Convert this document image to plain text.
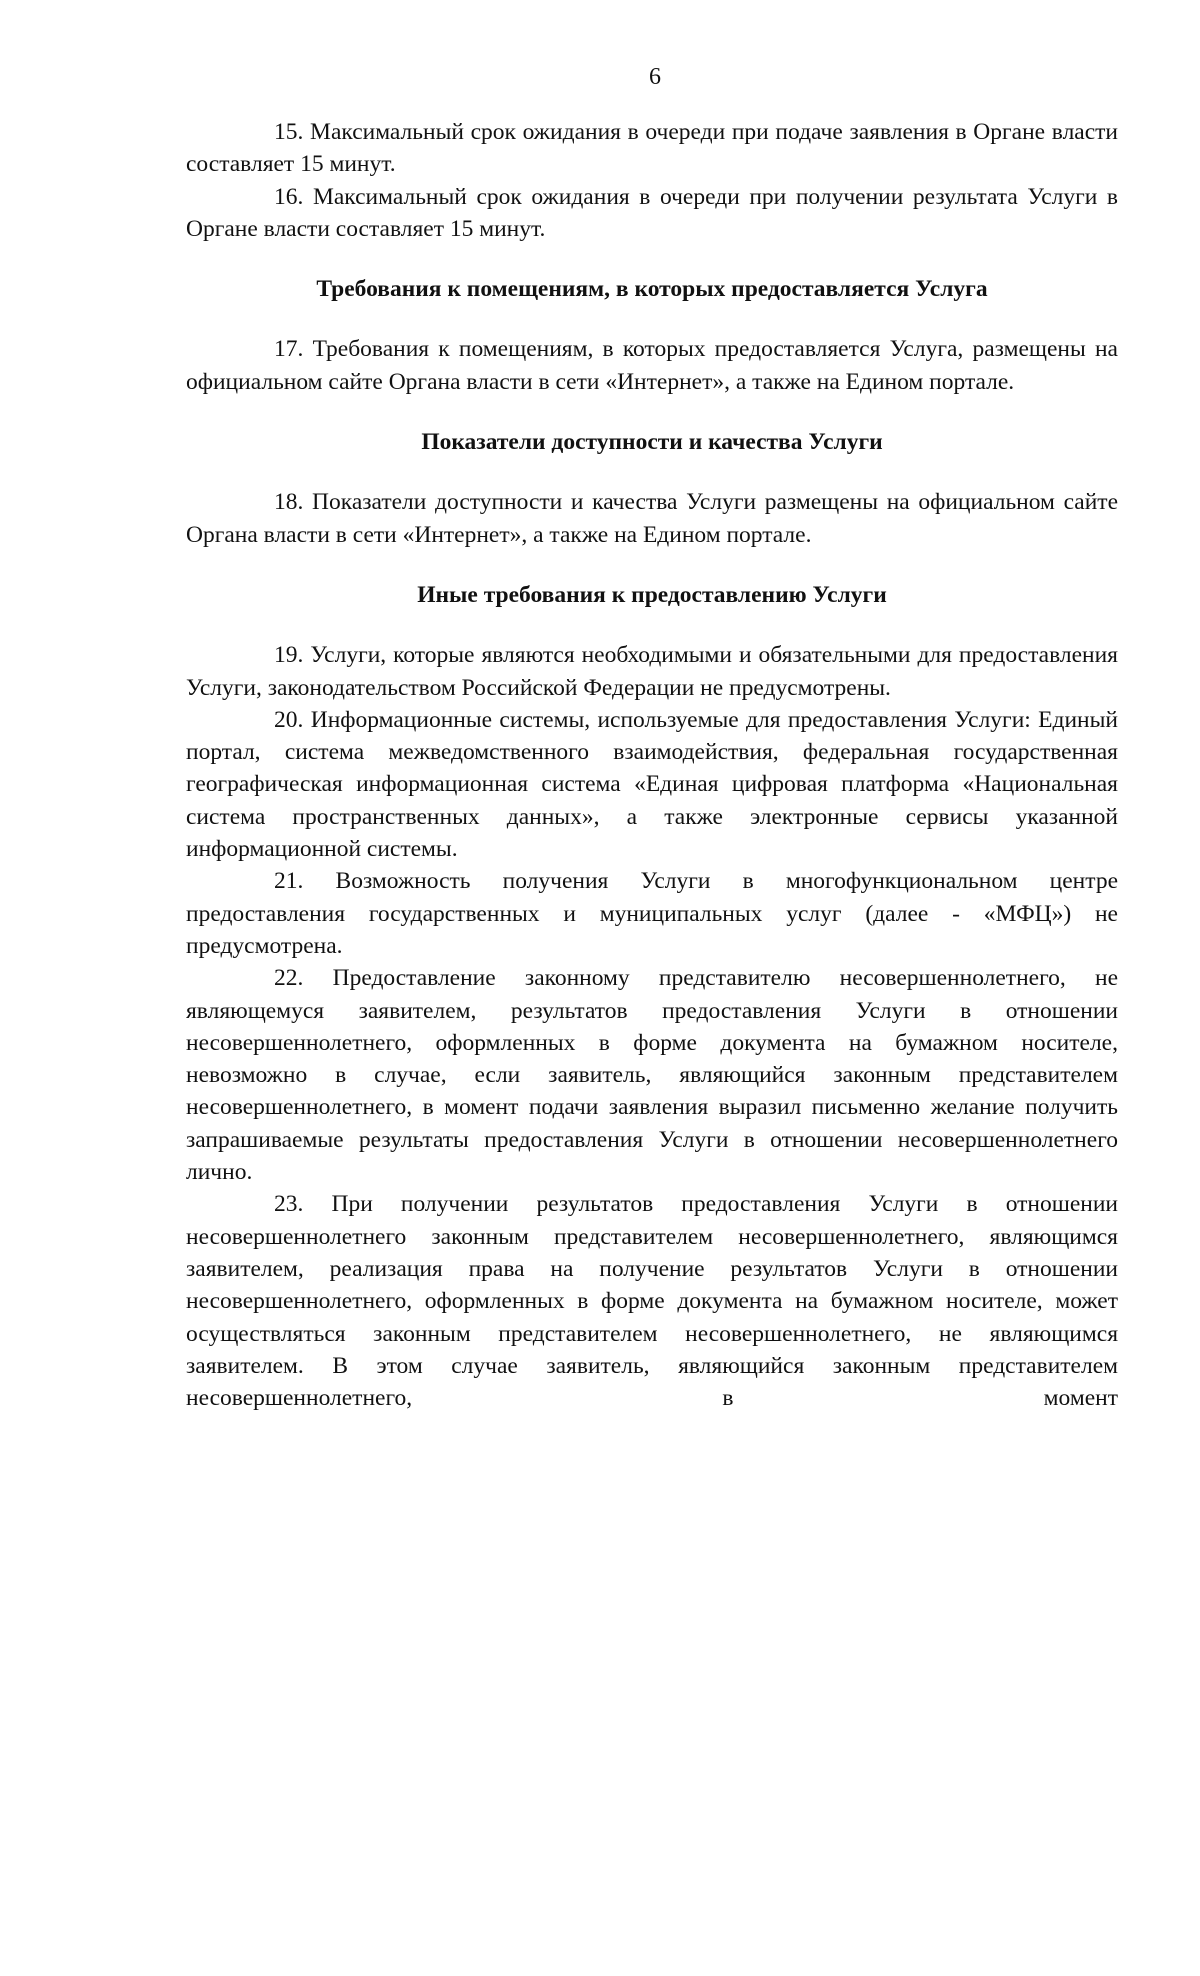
6

15. Максимальный срок ожидания в очереди при подаче заявления в Органе власти составляет 15 минут.

16. Максимальный срок ожидания в очереди при получении результата Услуги в Органе власти составляет 15 минут.

Требования к помещениям, в которых предоставляется Услуга

17. Требования к помещениям, в которых предоставляется Услуга, размещены на официальном сайте Органа власти в сети «Интернет», а также на Едином портале.

Показатели доступности и качества Услуги

18. Показатели доступности и качества Услуги размещены на официальном сайте Органа власти в сети «Интернет», а также на Едином портале.

Иные требования к предоставлению Услуги

19. Услуги, которые являются необходимыми и обязательными для предоставления Услуги, законодательством Российской Федерации не предусмотрены.

20. Информационные системы, используемые для предоставления Услуги: Единый портал, система межведомственного взаимодействия, федеральная государственная географическая информационная система «Единая цифровая платформа «Национальная система пространственных данных», а также электронные сервисы указанной информационной системы.

21. Возможность получения Услуги в многофункциональном центре предоставления государственных и муниципальных услуг (далее - «МФЦ») не предусмотрена.

22. Предоставление законному представителю несовершеннолетнего, не являющемуся заявителем, результатов предоставления Услуги в отношении несовершеннолетнего, оформленных в форме документа на бумажном носителе, невозможно в случае, если заявитель, являющийся законным представителем несовершеннолетнего, в момент подачи заявления выразил письменно желание получить запрашиваемые результаты предоставления Услуги в отношении несовершеннолетнего лично.

23. При получении результатов предоставления Услуги в отношении несовершеннолетнего законным представителем несовершеннолетнего, являющимся заявителем, реализация права на получение результатов Услуги в отношении несовершеннолетнего, оформленных в форме документа на бумажном носителе, может осуществляться законным представителем несовершеннолетнего, не являющимся заявителем. В этом случае заявитель, являющийся законным представителем несовершеннолетнего, в момент
